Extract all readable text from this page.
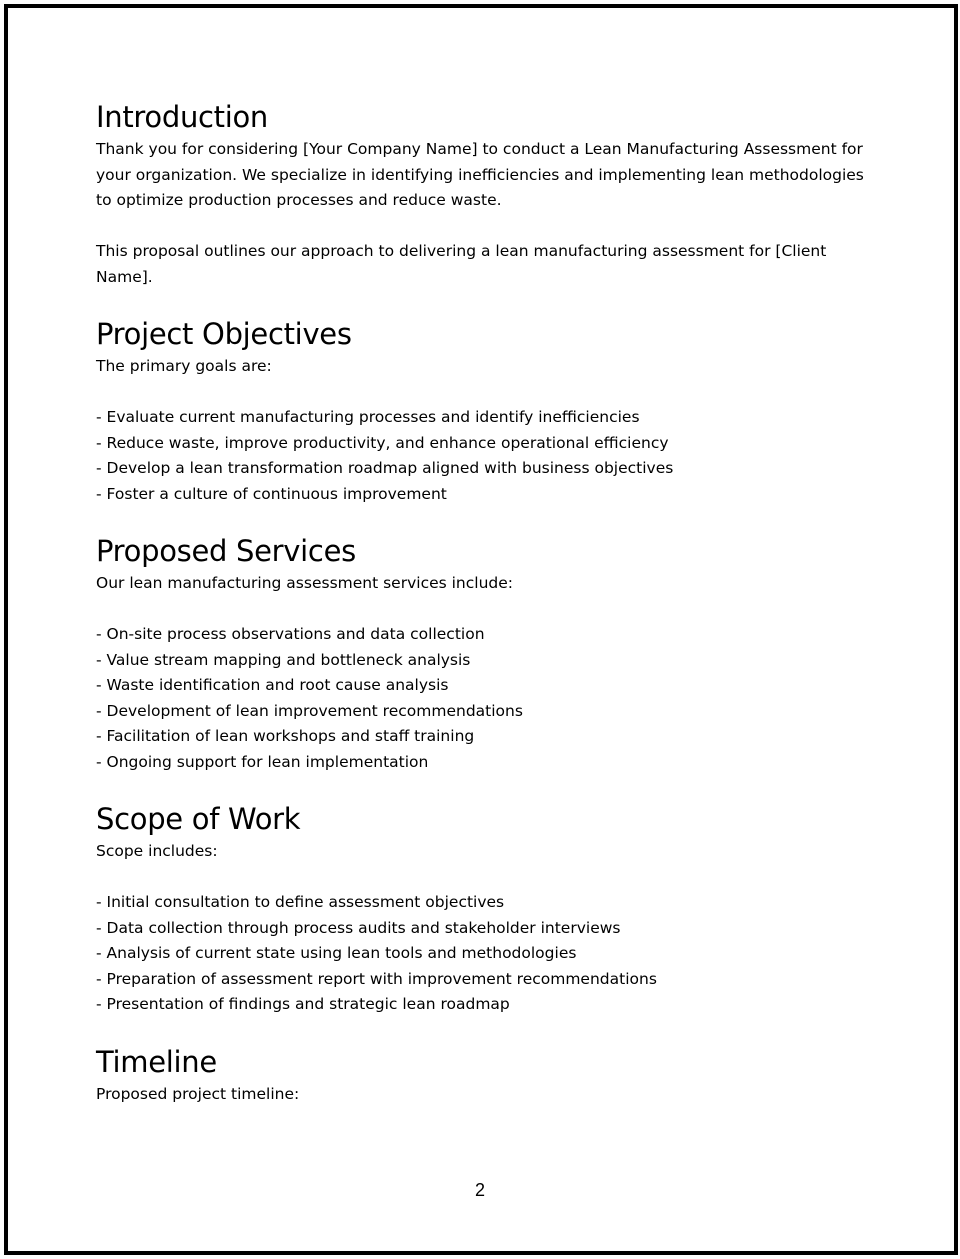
Introduction

Thank you for considering [Your Company Name] to conduct a Lean Manufacturing Assessment for your organization. We specialize in identifying inefficiencies and implementing lean methodologies to optimize production processes and reduce waste.

This proposal outlines our approach to delivering a lean manufacturing assessment for [Client Name].

Project Objectives

The primary goals are:

- Evaluate current manufacturing processes and identify inefficiencies
- Reduce waste, improve productivity, and enhance operational efficiency
- Develop a lean transformation roadmap aligned with business objectives
- Foster a culture of continuous improvement
Proposed Services

Our lean manufacturing assessment services include:

- On-site process observations and data collection
- Value stream mapping and bottleneck analysis
- Waste identification and root cause analysis
- Development of lean improvement recommendations
- Facilitation of lean workshops and staff training
- Ongoing support for lean implementation
Scope of Work

Scope includes:

- Initial consultation to define assessment objectives
- Data collection through process audits and stakeholder interviews
- Analysis of current state using lean tools and methodologies
- Preparation of assessment report with improvement recommendations
- Presentation of findings and strategic lean roadmap
Timeline

Proposed project timeline:

2
